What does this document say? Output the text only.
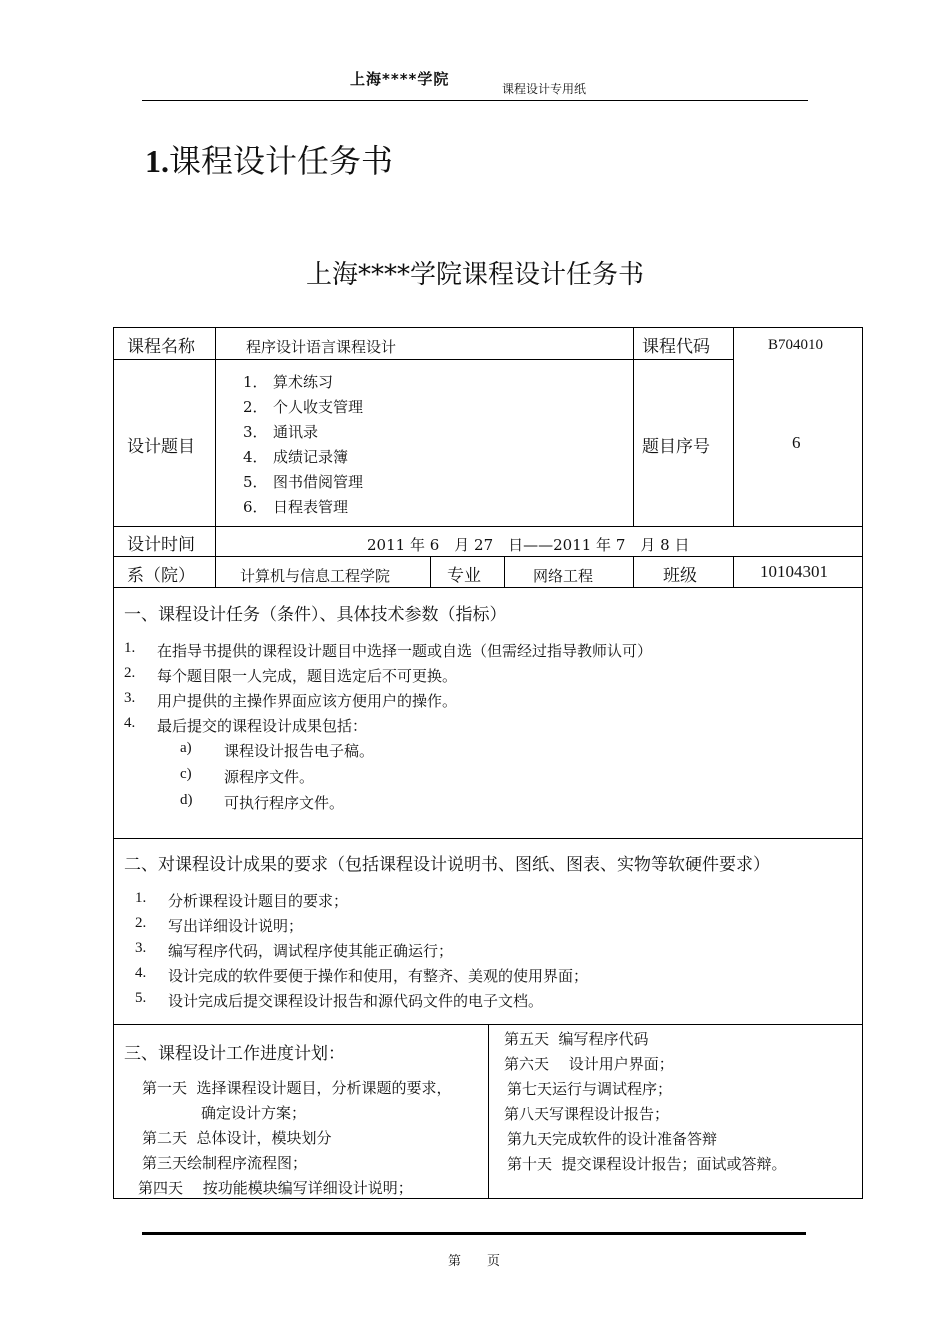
上海****学院
课程设计专用纸
1.课程设计任务书
上海****学院课程设计任务书
课程名称	程序设计语言课程设计	课程代码	B704010
设计题目
1． 算术练习
2． 个人收支管理
3． 通讯录
4． 成绩记录簿
5． 图书借阅管理
6． 日程表管理
题目序号	6
设计时间	2011 年 6　月 27　日——2011 年 7　月 8 日
系（院）	计算机与信息工程学院	专业	网络工程	班级	10104301
一、课程设计任务（条件）、具体技术参数（指标）
1. 在指导书提供的课程设计题目中选择一题或自选（但需经过指导教师认可）
2. 每个题目限一人完成，题目选定后不可更换。
3. 用户提供的主操作界面应该方便用户的操作。
4. 最后提交的课程设计成果包括：
a) 课程设计报告电子稿。
c) 源程序文件。
d) 可执行程序文件。
二、对课程设计成果的要求（包括课程设计说明书、图纸、图表、实物等软硬件要求）
1. 分析课程设计题目的要求；
2. 写出详细设计说明；
3. 编写程序代码，调试程序使其能正确运行；
4. 设计完成的软件要便于操作和使用，有整齐、美观的使用界面；
5. 设计完成后提交课程设计报告和源代码文件的电子文档。
三、课程设计工作进度计划：
第一天  选择课程设计题目，分析课题的要求，
确定设计方案；
第二天  总体设计，模块划分
第三天绘制程序流程图；
第四天　 按功能模块编写详细设计说明；
第五天  编写程序代码
第六天　 设计用户界面；
第七天运行与调试程序；
第八天写课程设计报告；
第九天完成软件的设计准备答辩
第十天  提交课程设计报告；面试或答辩。
第　　页
